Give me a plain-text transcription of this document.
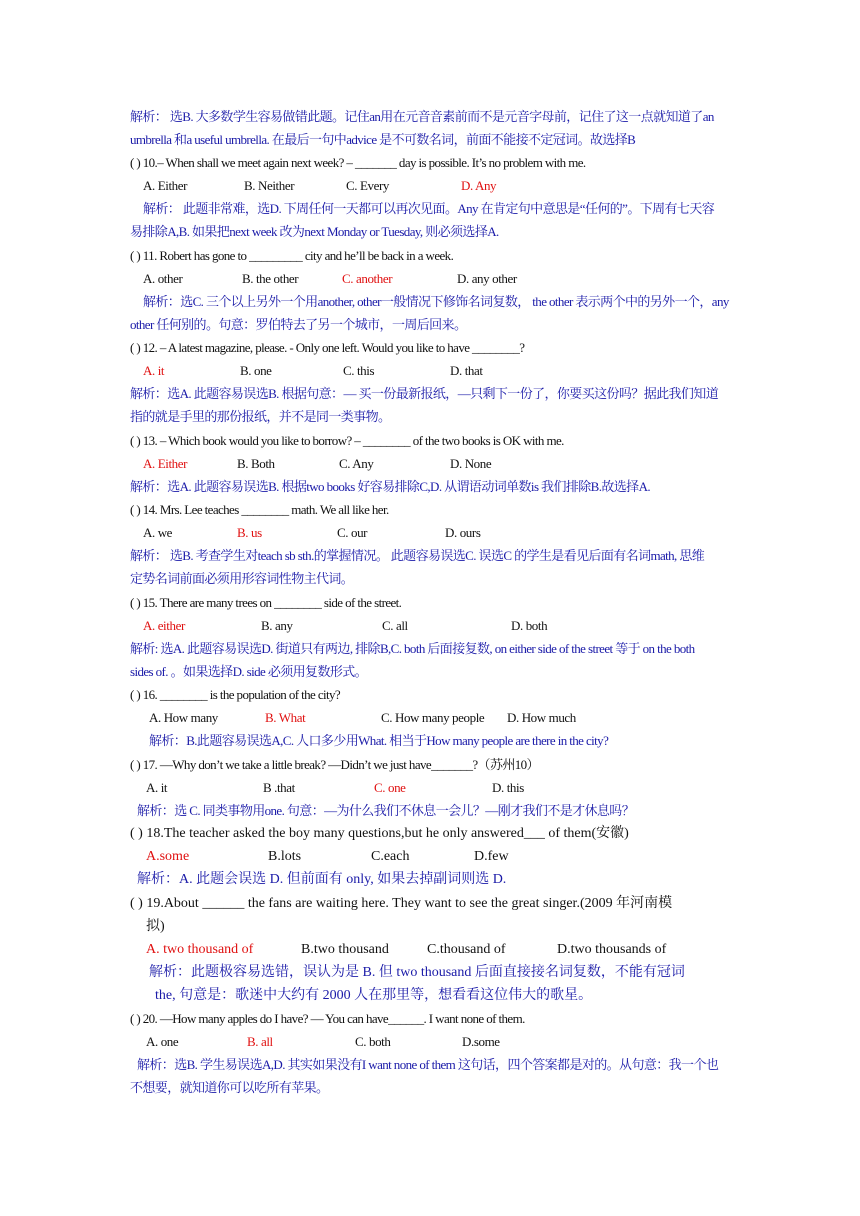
解析： 选B. 大多数学生容易做错此题。记住an用在元音音素前而不是元音字母前，记住了这一点就知道了an
umbrella 和a useful umbrella. 在最后一句中advice 是不可数名词，前面不能接不定冠词。故选择B
( ) 10.– When shall we meet again next week? – _______ day is possible. It’s no problem with me.
A. Either	B. Neither	C. Every	D. Any
解析： 此题非常难，选D. 下周任何一天都可以再次见面。Any 在肯定句中意思是“任何的”。下周有七天容
易排除A,B. 如果把next week 改为next Monday or Tuesday, 则必须选择A.
( ) 11. Robert has gone to _________ city and he’ll be back in a week.
A. other	B. the other	C. another	D. any other
解析：选C. 三个以上另外一个用another, other一般情况下修饰名词复数， the other 表示两个中的另外一个，any
other 任何别的。句意：罗伯特去了另一个城市，一周后回来。
( ) 12. – A latest magazine, please. - Only one left. Would you like to have ________?
A. it	B. one	C. this	D. that
解析：选A. 此题容易误选B. 根据句意：— 买一份最新报纸，—只剩下一份了，你要买这份吗？据此我们知道
指的就是手里的那份报纸，并不是同一类事物。
( ) 13. – Which book would you like to borrow? – ________ of the two books is OK with me.
A. Either	B. Both	C. Any	D. None
解析：选A. 此题容易误选B. 根据two books 好容易排除C,D. 从谓语动词单数is 我们排除B.故选择A.
( ) 14. Mrs. Lee teaches ________ math. We all like her.
A. we	B. us	C. our	D. ours
解析： 选B. 考查学生对teach sb sth.的掌握情况。 此题容易误选C. 误选C 的学生是看见后面有名词math, 思维
定势名词前面必须用形容词性物主代词。
( ) 15. There are many trees on ________ side of the street.
A. either	B. any	C. all	D. both
解析: 选A. 此题容易误选D. 街道只有两边, 排除B,C. both 后面接复数, on either side of the street 等于 on the both
sides of. 。如果选择D. side 必须用复数形式。
( ) 16. ________ is the population of the city?
A. How many	B. What	C. How many people D. How much
解析：B.此题容易误选A,C. 人口多少用What. 相当于How many people are there in the city?
( ) 17. —Why don’t we take a little break? —Didn’t we just have_______?（苏州10）
A. it	B .that	C. one	D. this
解析：选 C. 同类事物用one. 句意：—为什么我们不休息一会儿？—刚才我们不是才休息吗？
( ) 18.The teacher asked the boy many questions,but he only answered___ of them(安徽)
A.some	B.lots	C.each	D.few
解析：A. 此题会误选 D. 但前面有 only, 如果去掉副词则选 D.
( ) 19.About ______ the fans are waiting here. They want to see the great singer.(2009 年河南模
拟)
A. two thousand of	B.two thousand	C.thousand of	D.two thousands of
解析：此题极容易选错，误认为是 B. 但 two thousand 后面直接接名词复数，不能有冠词
the, 句意是：歌迷中大约有 2000 人在那里等，想看看这位伟大的歌星。
( ) 20. —How many apples do I have? — You can have______. I want none of them.
A. one	B. all	C. both	D.some
解析：选B. 学生易误选A,D. 其实如果没有I want none of them 这句话，四个答案都是对的。从句意：我一个也
不想要，就知道你可以吃所有苹果。
